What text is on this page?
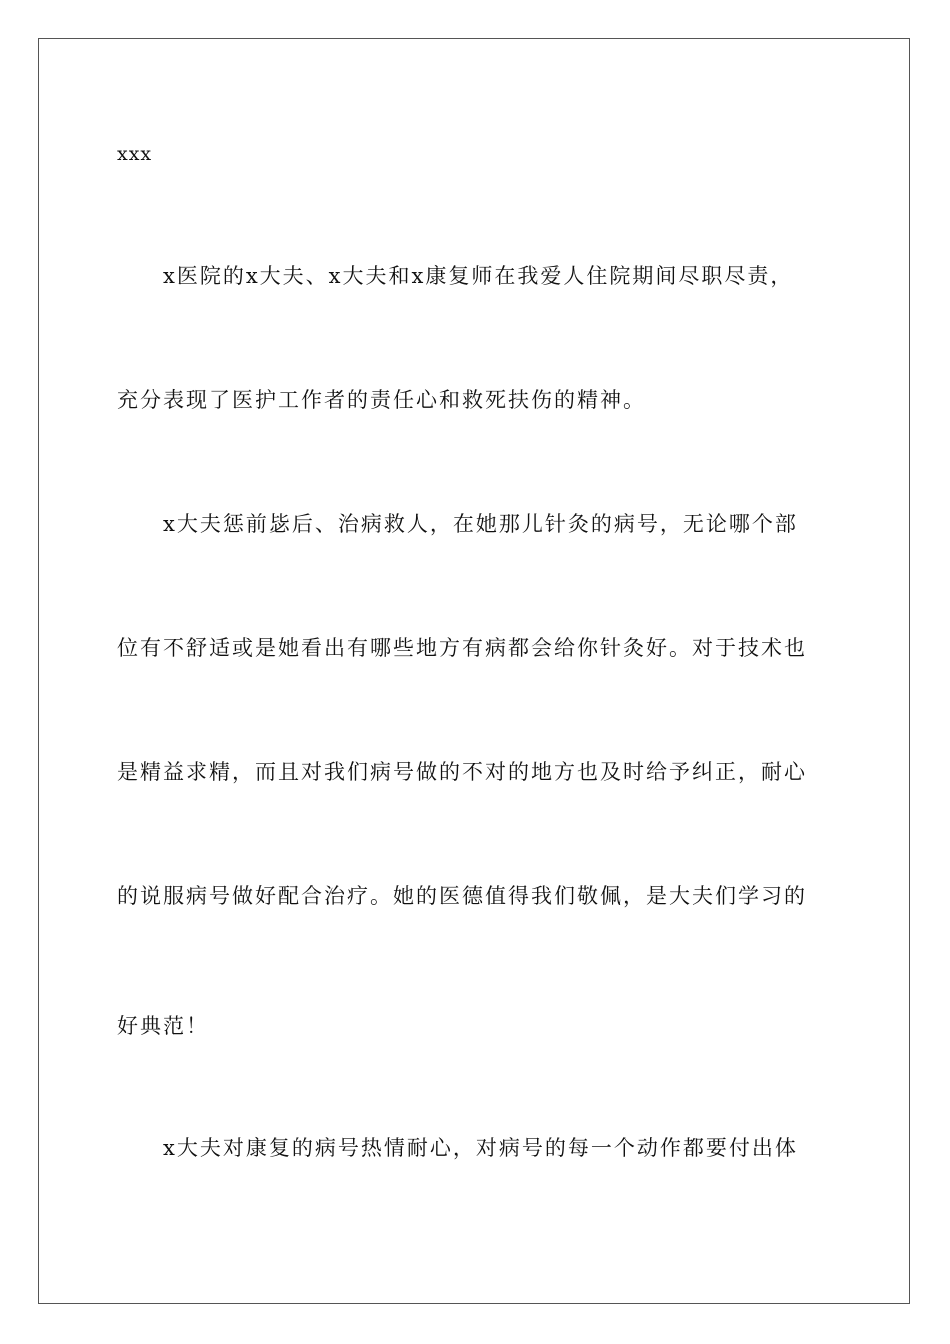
xxx
x医院的x大夫、x大夫和x康复师在我爱人住院期间尽职尽责，
充分表现了医护工作者的责任心和救死扶伤的精神。
x大夫惩前毖后、治病救人，在她那儿针灸的病号，无论哪个部
位有不舒适或是她看出有哪些地方有病都会给你针灸好。对于技术也
是精益求精，而且对我们病号做的不对的地方也及时给予纠正，耐心
的说服病号做好配合治疗。她的医德值得我们敬佩，是大夫们学习的
好典范！
x大夫对康复的病号热情耐心，对病号的每一个动作都要付出体
